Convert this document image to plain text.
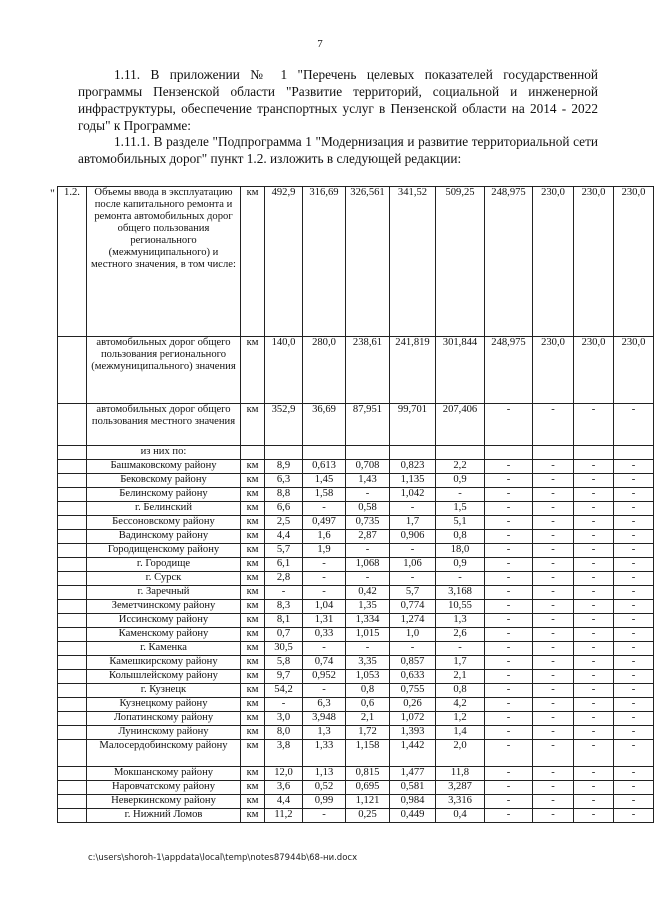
7
1.11. В приложении № 1 "Перечень целевых показателей государственной программы Пензенской области "Развитие территорий, социальной и инженерной инфраструктуры, обеспечение транспортных услуг в Пензенской области на 2014 - 2022 годы" к Программе:
1.11.1. В разделе "Подпрограмма 1 "Модернизация и развитие территориальной сети автомобильных дорог" пункт 1.2. изложить в следующей редакции:
" 1.2.	Объемы ввода в эксплуатацию после капитального ремонта и ремонта автомобильных дорог общего пользования регионального (межмуниципального) и местного значения, в том числе:	км	492,9	316,69	326,561	341,52	509,25	248,975	230,0	230,0	230,0
	автомобильных дорог общего пользования регионального (межмуниципального) значения	км	140,0	280,0	238,61	241,819	301,844	248,975	230,0	230,0	230,0
	автомобильных дорог общего пользования местного значения	км	352,9	36,69	87,951	99,701	207,406	-	-	-	-
	из них по:										
	Башмаковскому району	км	8,9	0,613	0,708	0,823	2,2	-	-	-	-
	Бековскому району	км	6,3	1,45	1,43	1,135	0,9	-	-	-	-
	Белинскому району	км	8,8	1,58	-	1,042	-	-	-	-	-
	г. Белинский	км	6,6	-	0,58	-	1,5	-	-	-	-
	Бессоновскому району	км	2,5	0,497	0,735	1,7	5,1	-	-	-	-
	Вадинскому району	км	4,4	1,6	2,87	0,906	0,8	-	-	-	-
	Городищенскому району	км	5,7	1,9	-	-	18,0	-	-	-	-
	г. Городище	км	6,1	-	1,068	1,06	0,9	-	-	-	-
	г. Сурск	км	2,8	-	-	-	-	-	-	-	-
	г. Заречный	км	-	-	0,42	5,7	3,168	-	-	-	-
	Земетчинскому району	км	8,3	1,04	1,35	0,774	10,55	-	-	-	-
	Иссинскому району	км	8,1	1,31	1,334	1,274	1,3	-	-	-	-
	Каменскому району	км	0,7	0,33	1,015	1,0	2,6	-	-	-	-
	г. Каменка	км	30,5	-	-	-	-	-	-	-	-
	Камешкирскому району	км	5,8	0,74	3,35	0,857	1,7	-	-	-	-
	Колышлейскому району	км	9,7	0,952	1,053	0,633	2,1	-	-	-	-
	г. Кузнецк	км	54,2	-	0,8	0,755	0,8	-	-	-	-
	Кузнецкому району	км	-	6,3	0,6	0,26	4,2	-	-	-	-
	Лопатинскому району	км	3,0	3,948	2,1	1,072	1,2	-	-	-	-
	Лунинскому району	км	8,0	1,3	1,72	1,393	1,4	-	-	-	-
	Малосердобинскому району	км	3,8	1,33	1,158	1,442	2,0	-	-	-	-
	Мокшанскому району	км	12,0	1,13	0,815	1,477	11,8	-	-	-	-
	Наровчатскому району	км	3,6	0,52	0,695	0,581	3,287	-	-	-	-
	Неверкинскому району	км	4,4	0,99	1,121	0,984	3,316	-	-	-	-
	г. Нижний Ломов	км	11,2	-	0,25	0,449	0,4	-	-	-	-
c:\users\shoroh-1\appdata\local\temp\notes87944b\68-ни.docx
